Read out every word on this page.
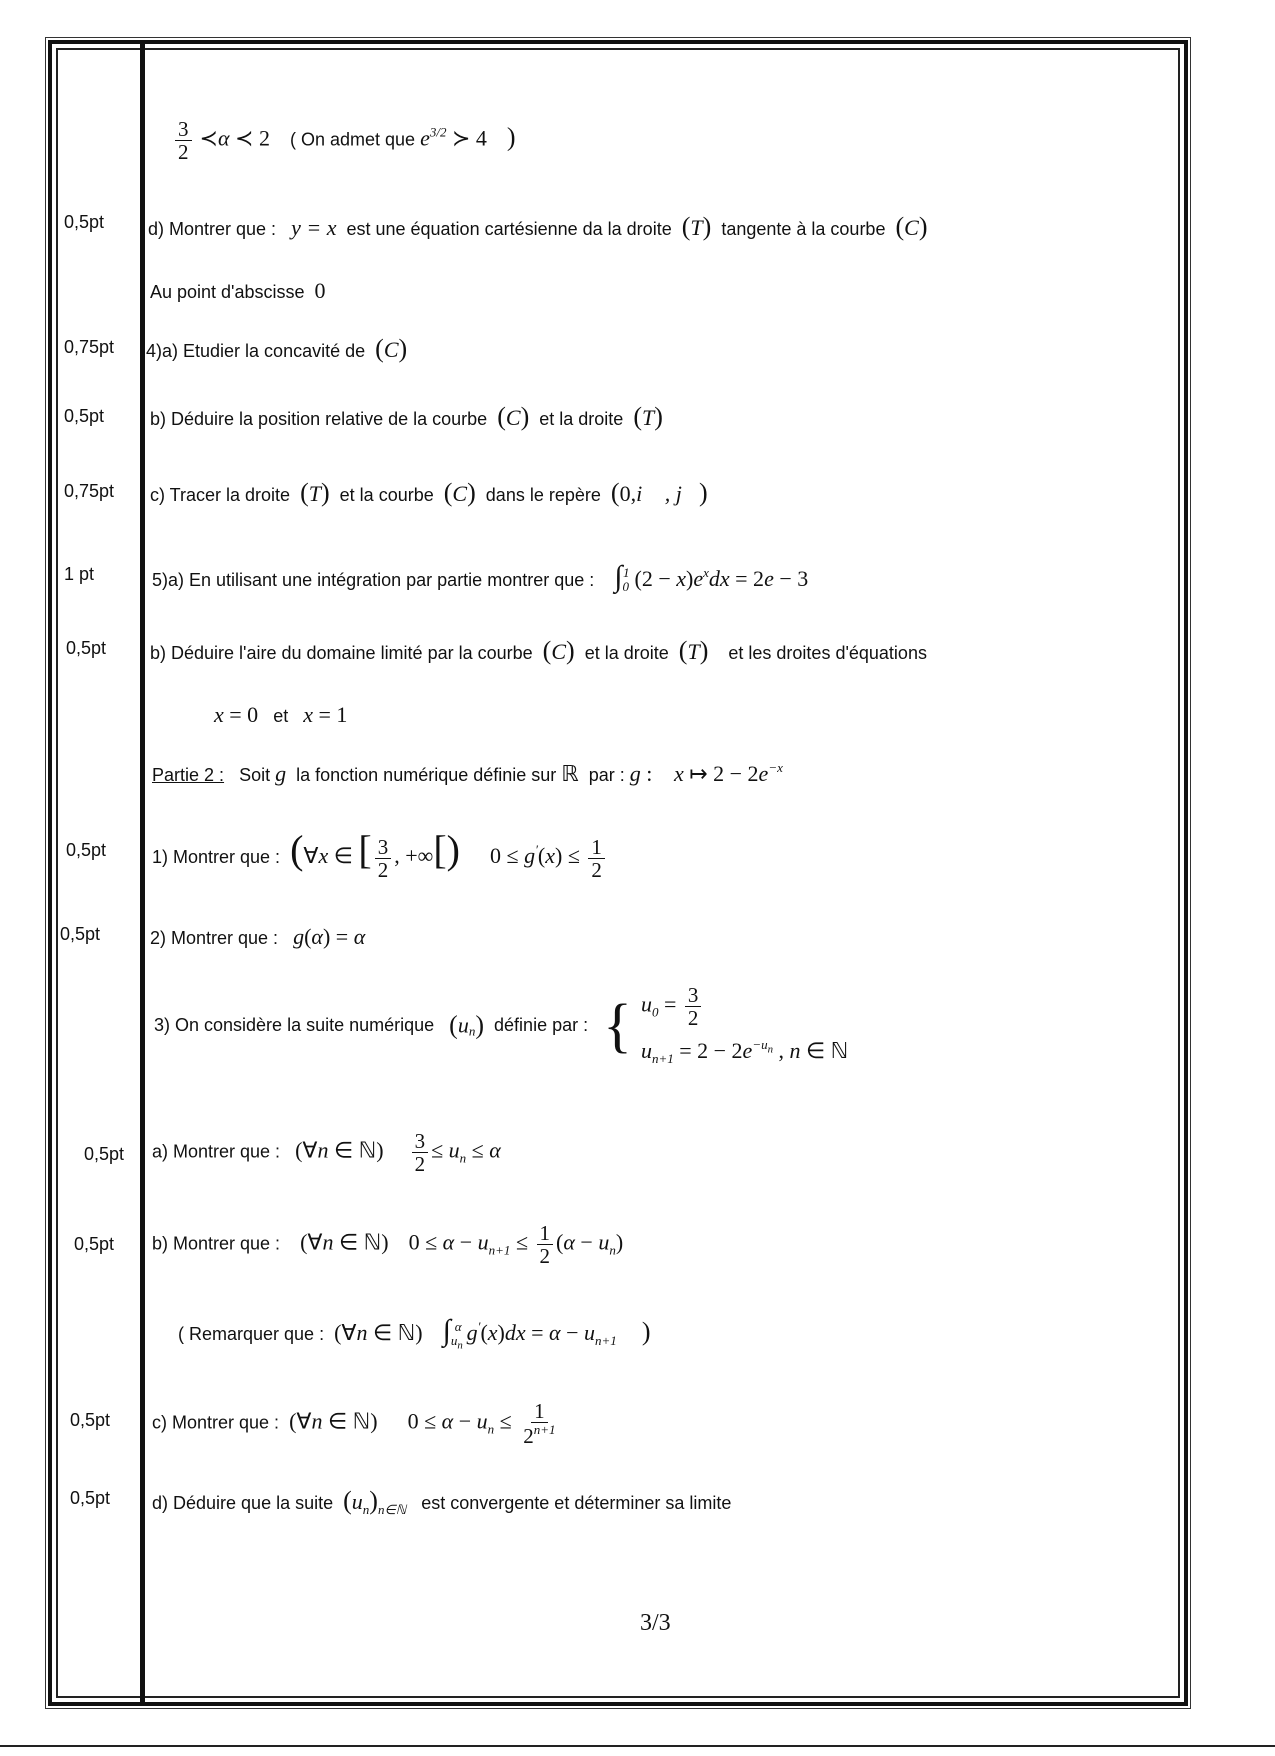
0,5pt
0,75pt
0,5pt
0,75pt
1 pt
0,5pt
0,5pt
0,5pt
0,5pt
0,5pt
0,5pt
0,5pt
$\frac{3}{2}$ ≺α ≺ 2 ( On admet que $e^{3/2}$ ≻ 4 )
d) Montrer que : y = x est une équation cartésienne da la droite (T) tangente à la courbe (C)
Au point d'abscisse 0
4)a) Etudier la concavité de (C)
b) Déduire la position relative de la courbe (C) et la droite (T)
c) Tracer la droite (T) et la courbe (C) dans le repère (0,i⃗ , j⃗)
5)a) En utilisant une intégration par partie montrer que : $\int_0^1$ $(2 - x)e^xdx = 2e - 3$
b) Déduire l'aire du domaine limité par la courbe (C) et la droite (T) et les droites d'équations
x = 0 et x = 1
Partie 2 : Soit g la fonction numérique définie sur ℝ par : g :    x ↦ $2 - 2e^{-x}$
1) Montrer que : (∀x ∈ [ $\frac{3}{2}$ , +∞[) $0 \le g'(x) \le \frac{1}{2}$
2) Montrer que : g(α) = α
3) On considère la suite numérique $(u_n)$ définie par : { $u_0 = \frac{3}{2}$
$u_{n+1} = 2 - 2e^{-u_n}$ , n ∈ ℕ
a) Montrer que : (∀n ∈ ℕ) $\frac{3}{2} \le u_n \le \alpha$
b) Montrer que : (∀n ∈ ℕ) $0 \le \alpha - u_{n+1} \le \frac{1}{2} (\alpha - u_n)$
( Remarquer que : (∀n ∈ ℕ) $\int_{u_n}^\alpha$ $g'(x)dx = \alpha - u_{n+1}$ )
c) Montrer que : (∀n ∈ ℕ) $0 \le \alpha - u_n \le \frac{1}{2^{n+1}}$
d) Déduire que la suite $(u_n)_{n\in ℕ}$ est convergente et déterminer sa limite
3/3
